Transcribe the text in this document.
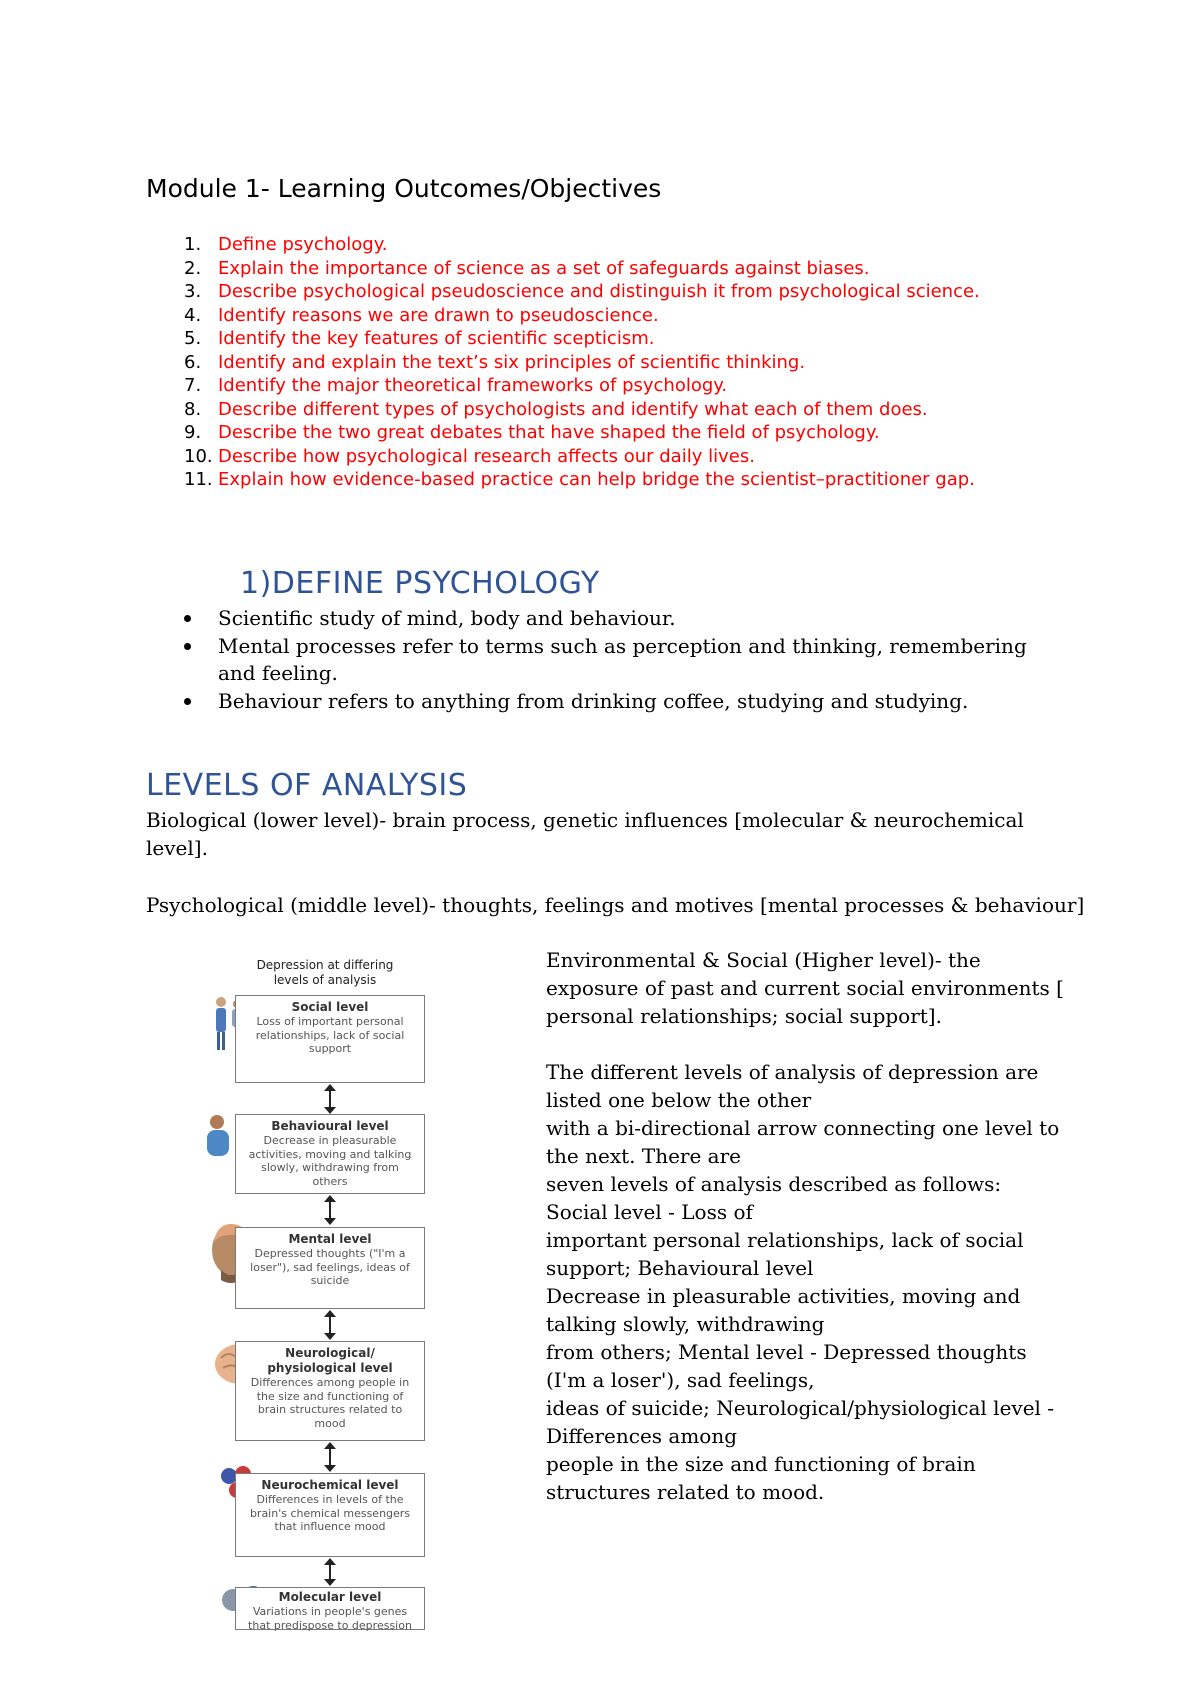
Module 1- Learning Outcomes/Objectives
1. Define psychology.
2. Explain the importance of science as a set of safeguards against biases.
3. Describe psychological pseudoscience and distinguish it from psychological science.
4. Identify reasons we are drawn to pseudoscience.
5. Identify the key features of scientific scepticism.
6. Identify and explain the text’s six principles of scientific thinking.
7. Identify the major theoretical frameworks of psychology.
8. Describe different types of psychologists and identify what each of them does.
9. Describe the two great debates that have shaped the field of psychology.
10. Describe how psychological research affects our daily lives.
11. Explain how evidence-based practice can help bridge the scientist–practitioner gap.
1)DEFINE PSYCHOLOGY
Scientific study of mind, body and behaviour.
Mental processes refer to terms such as perception and thinking, remembering and feeling.
Behaviour refers to anything from drinking coffee, studying and studying.
LEVELS OF ANALYSIS

Biological (lower level)- brain process, genetic influences [molecular & neurochemical level].

Psychological (middle level)- thoughts, feelings and motives [mental processes & behaviour]

Environmental & Social (Higher level)- the exposure of past and current social environments [ personal relationships; social support].

The different levels of analysis of depression are listed one below the other

with a bi-directional arrow connecting one level to the next. There are

seven levels of analysis described as follows: Social level - Loss of

important personal relationships, lack of social support; Behavioural level

Decrease in pleasurable activities, moving and talking slowly, withdrawing

from others; Mental level - Depressed thoughts (I'm a loser'), sad feelings,

ideas of suicide; Neurological/physiological level - Differences among

people in the size and functioning of brain structures related to mood.

Depression at differing levels of analysis
Social level
Loss of important personal relationships, lack of social support
Behavioural level
Decrease in pleasurable activities, moving and talking slowly, withdrawing from others
Mental level
Depressed thoughts ("I'm a loser"), sad feelings, ideas of suicide
Neurological/ physiological level
Differences among people in the size and functioning of brain structures related to mood
Neurochemical level
Differences in levels of the brain's chemical messengers that influence mood
Molecular level
Variations in people's genes that predispose to depression
